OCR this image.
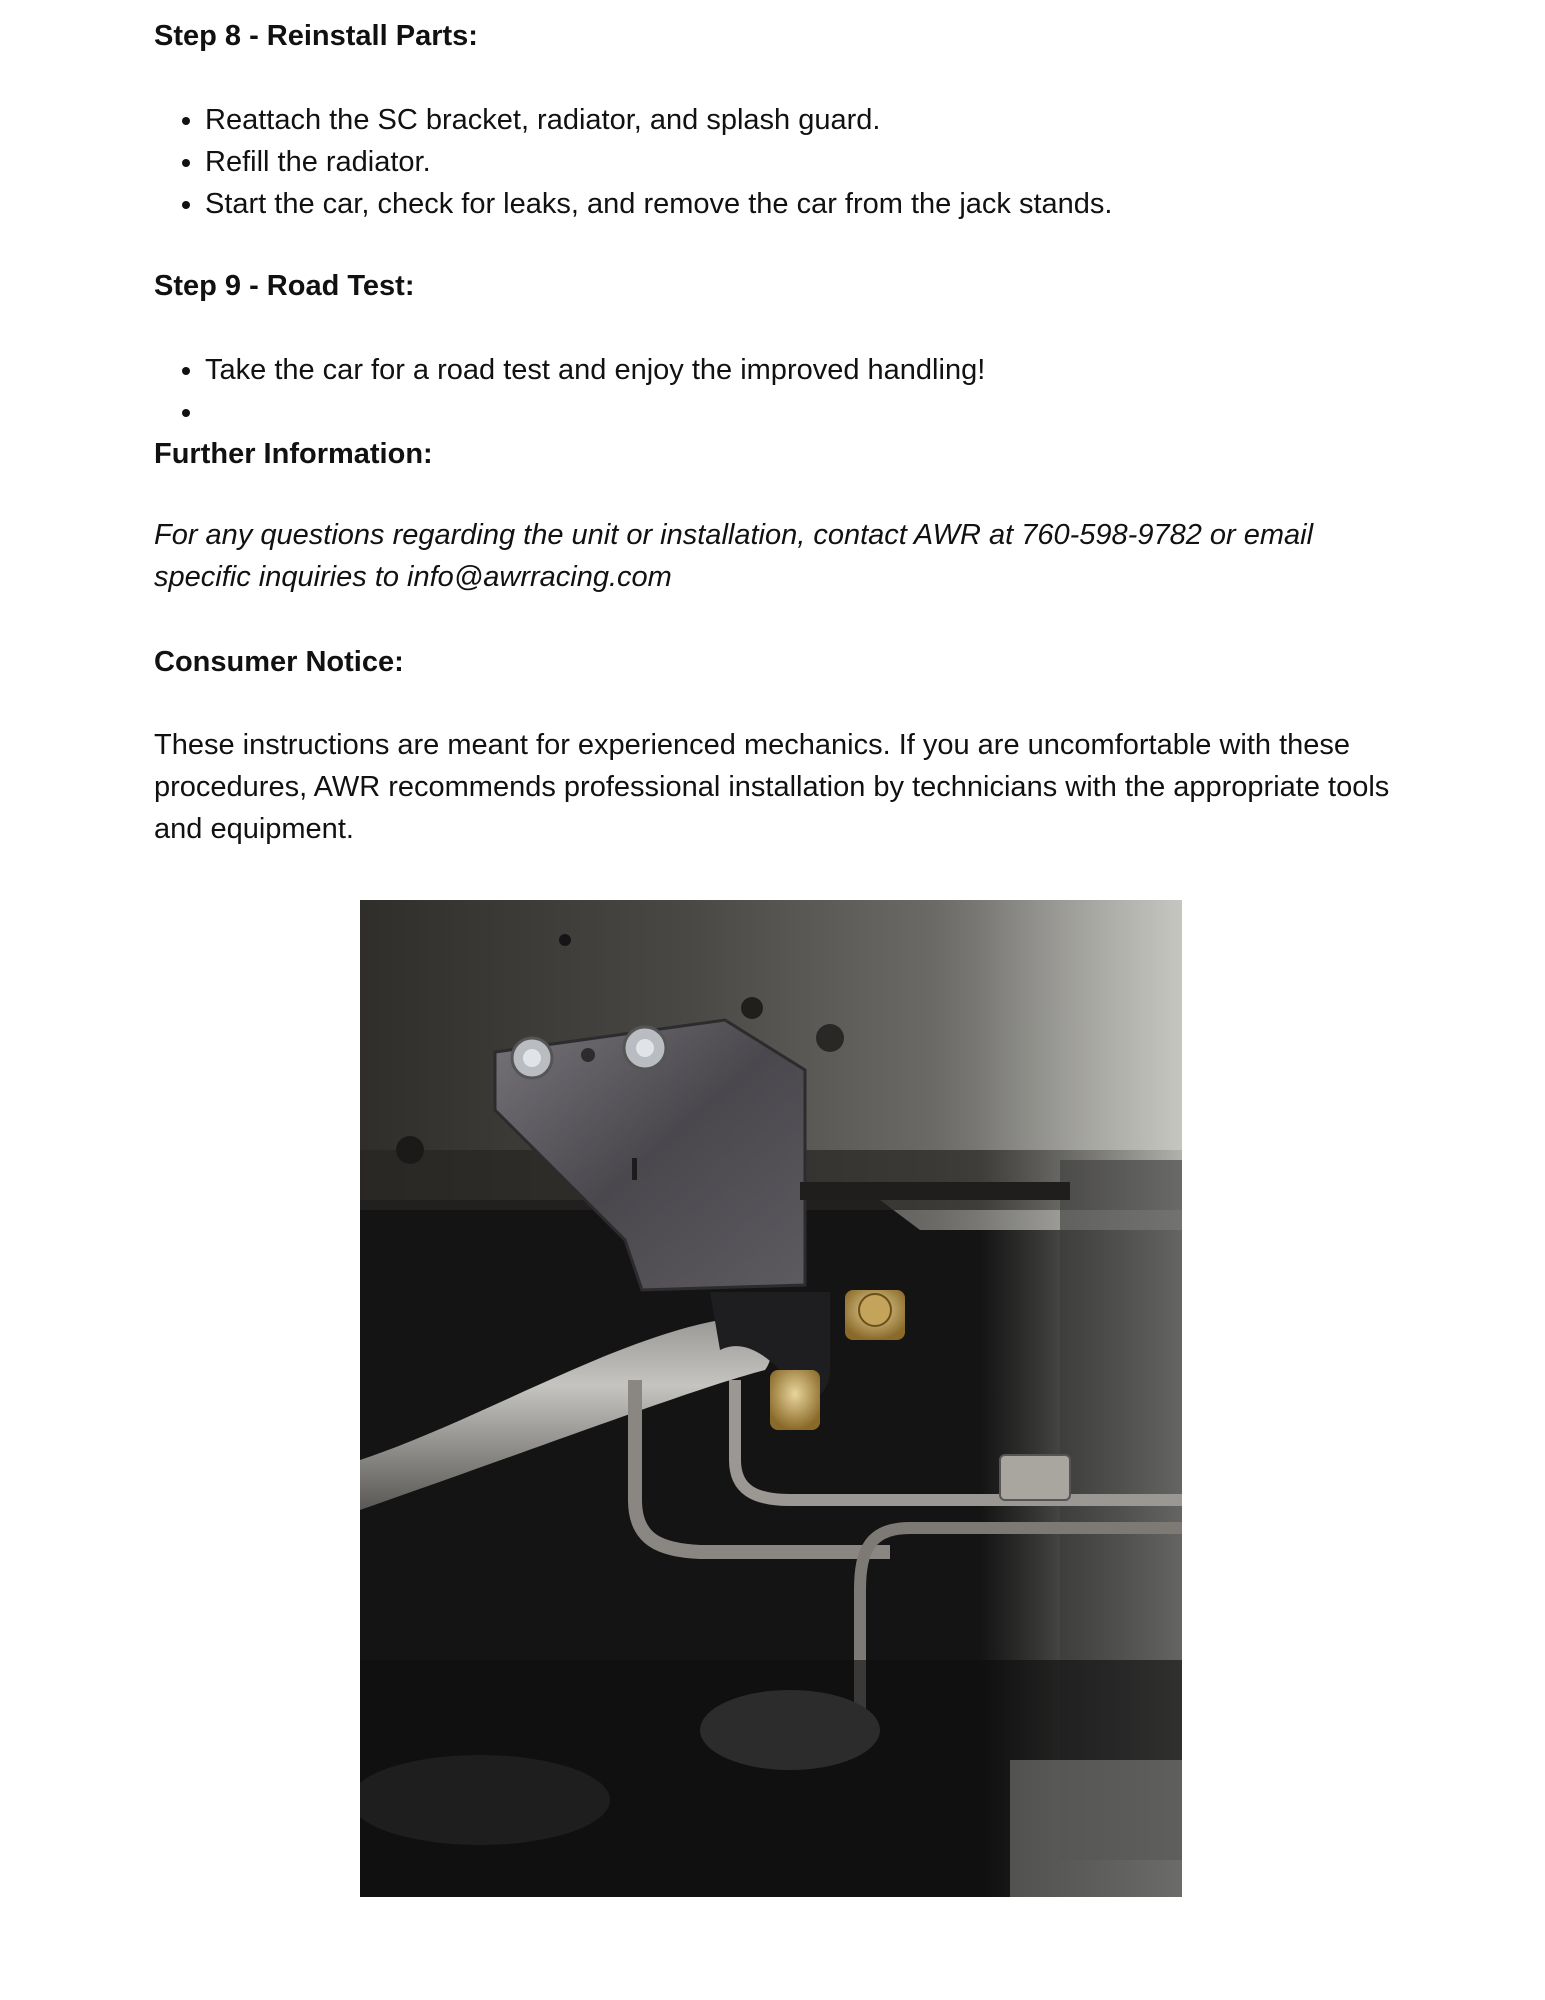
Step 8 - Reinstall Parts:
• Reattach the SC bracket, radiator, and splash guard.
• Refill the radiator.
• Start the car, check for leaks, and remove the car from the jack stands.
Step 9 - Road Test:
• Take the car for a road test and enjoy the improved handling!
•
Further Information:

For any questions regarding the unit or installation, contact AWR at 760-598-9782 or email specific inquiries to info@awrracing.com

Consumer Notice:

These instructions are meant for experienced mechanics. If you are uncomfortable with these procedures, AWR recommends professional installation by technicians with the appropriate tools and equipment.
